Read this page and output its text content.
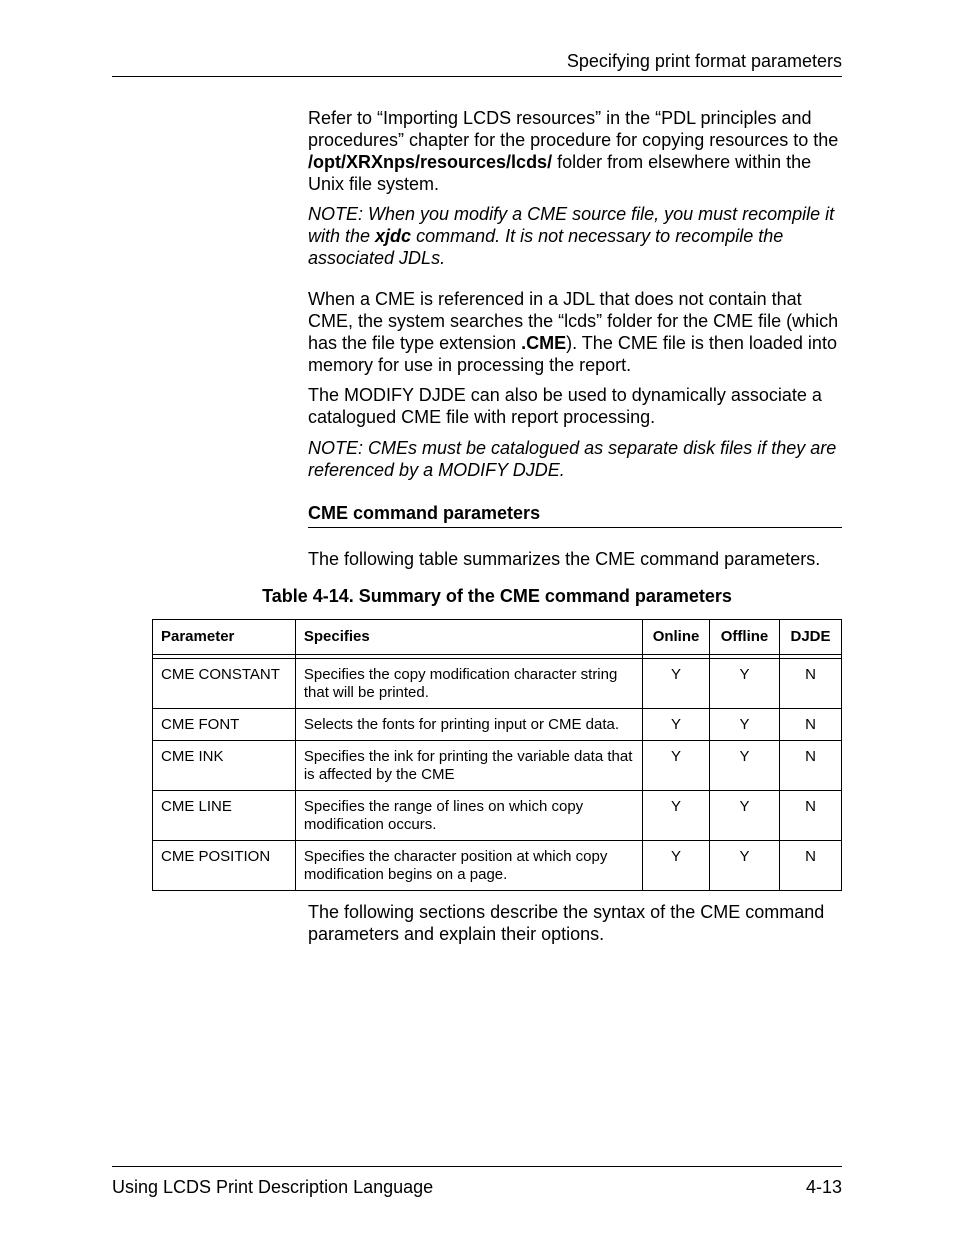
Specifying print format parameters

Refer to “Importing LCDS resources” in the “PDL principles and procedures” chapter for the procedure for copying resources to the /opt/XRXnps/resources/lcds/ folder from elsewhere within the Unix file system.

NOTE: When you modify a CME source file, you must recompile it with the xjdc command. It is not necessary to recompile the associated JDLs.

When a CME is referenced in a JDL that does not contain that CME, the system searches the “lcds” folder for the CME file (which has the file type extension .CME). The CME file is then loaded into memory for use in processing the report.

The MODIFY DJDE can also be used to dynamically associate a catalogued CME file with report processing.

NOTE: CMEs must be catalogued as separate disk files if they are referenced by a MODIFY DJDE.

CME command parameters
The following table summarizes the CME command parameters.
Table 4-14. Summary of the CME command parameters
Parameter	Specifies	Online	Offline	DJDE

CME CONSTANT	Specifies the copy modification character string that will be printed.	Y	Y	N
CME FONT	Selects the fonts for printing input or CME data.	Y	Y	N
CME INK	Specifies the ink for printing the variable data that is affected by the CME	Y	Y	N
CME LINE	Specifies the range of lines on which copy modification occurs.	Y	Y	N
CME POSITION	Specifies the character position at which copy modification begins on a page.	Y	Y	N
The following sections describe the syntax of the CME command parameters and explain their options.
Using LCDS Print Description Language	4-13
